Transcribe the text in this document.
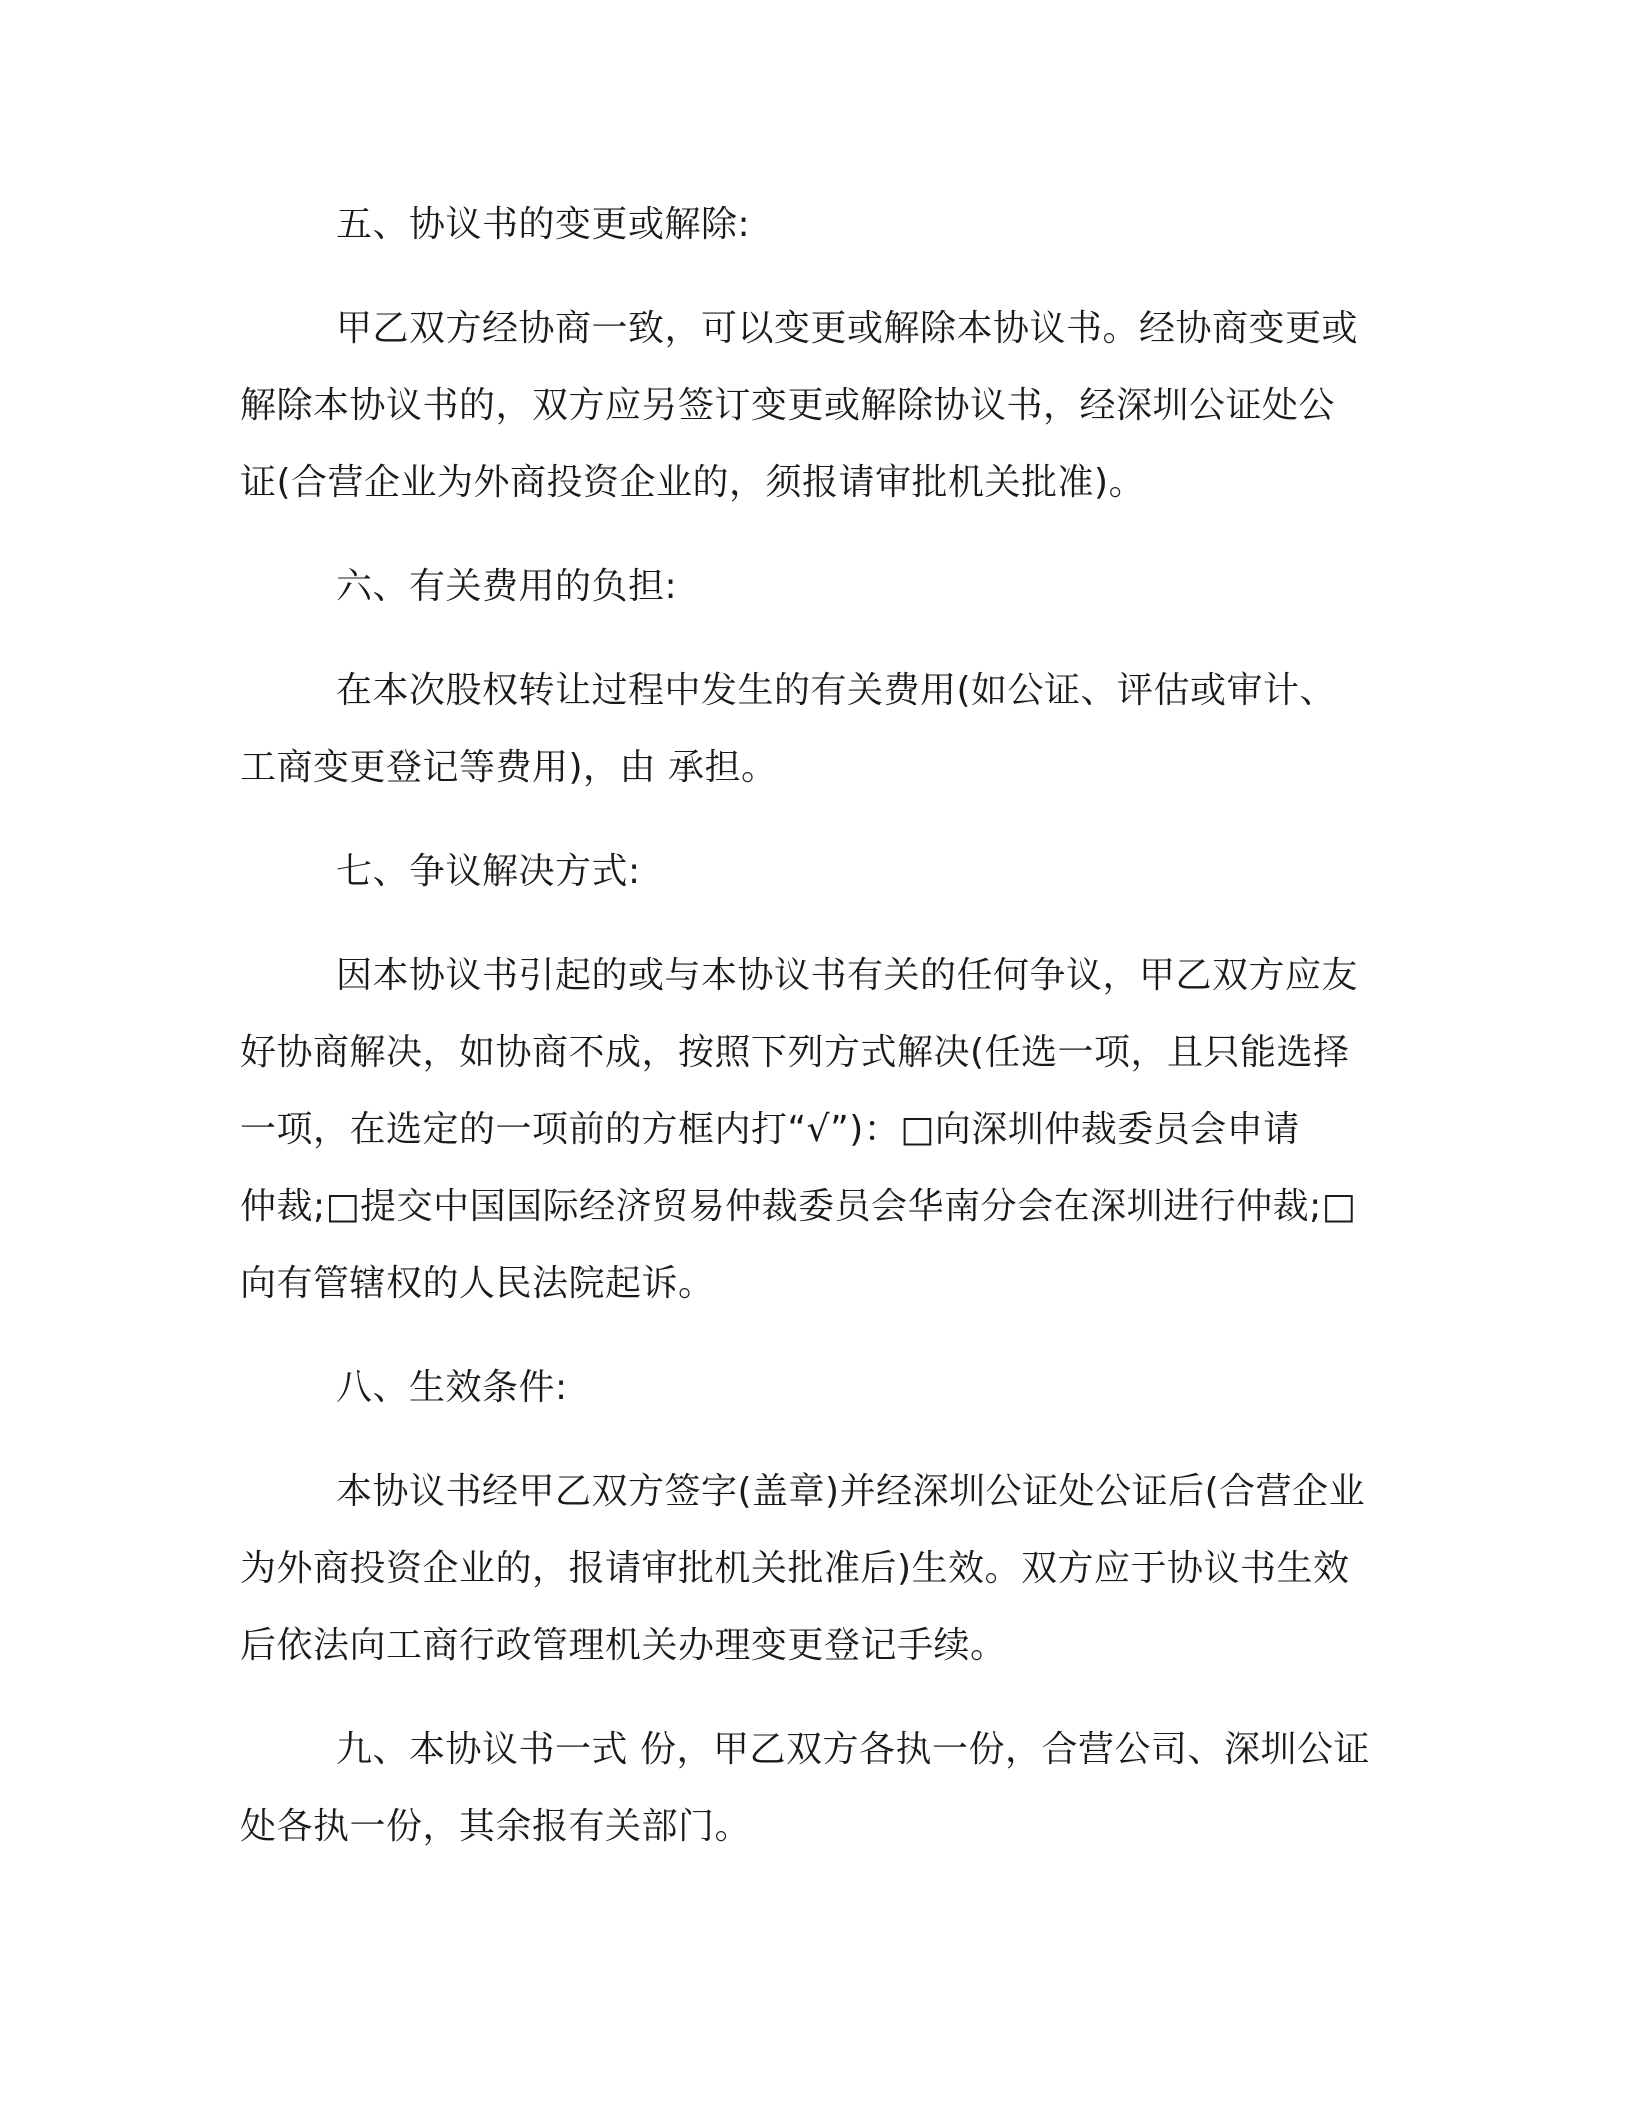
五、协议书的变更或解除:
甲乙双方经协商一致，可以变更或解除本协议书。经协商变更或
解除本协议书的，双方应另签订变更或解除协议书，经深圳公证处公
证(合营企业为外商投资企业的，须报请审批机关批准)。
六、有关费用的负担:
在本次股权转让过程中发生的有关费用(如公证、评估或审计、
工商变更登记等费用)，由 承担。
七、争议解决方式:
因本协议书引起的或与本协议书有关的任何争议，甲乙双方应友
好协商解决，如协商不成，按照下列方式解决(任选一项，且只能选择
一项，在选定的一项前的方框内打“√”)：□向深圳仲裁委员会申请
仲裁;□提交中国国际经济贸易仲裁委员会华南分会在深圳进行仲裁;□
向有管辖权的人民法院起诉。
八、生效条件:
本协议书经甲乙双方签字(盖章)并经深圳公证处公证后(合营企业
为外商投资企业的，报请审批机关批准后)生效。双方应于协议书生效
后依法向工商行政管理机关办理变更登记手续。
九、本协议书一式 份，甲乙双方各执一份，合营公司、深圳公证
处各执一份，其余报有关部门。
